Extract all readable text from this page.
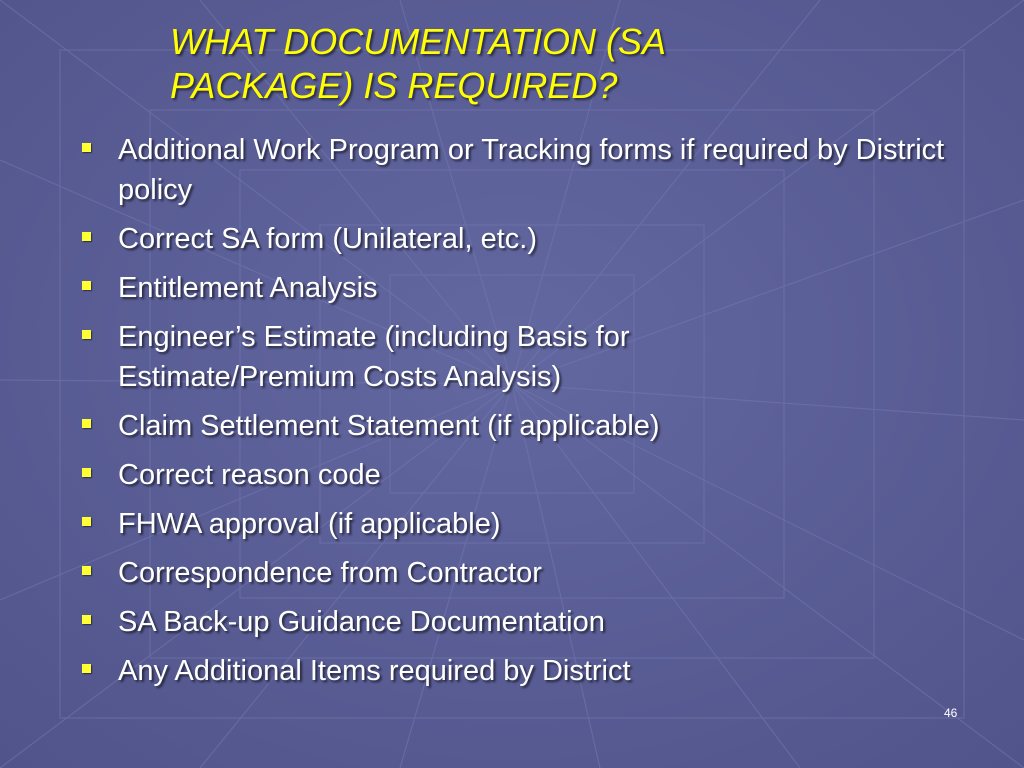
WHAT DOCUMENTATION (SA
PACKAGE) IS REQUIRED?
Additional Work Program or Tracking forms if required by District policy
Correct SA form (Unilateral, etc.)
Entitlement Analysis
Engineer’s Estimate (including Basis for Estimate/Premium Costs Analysis)
Claim Settlement Statement (if applicable)
Correct reason code
FHWA approval (if applicable)
Correspondence from Contractor
SA Back-up Guidance Documentation
Any Additional Items required by District
46
